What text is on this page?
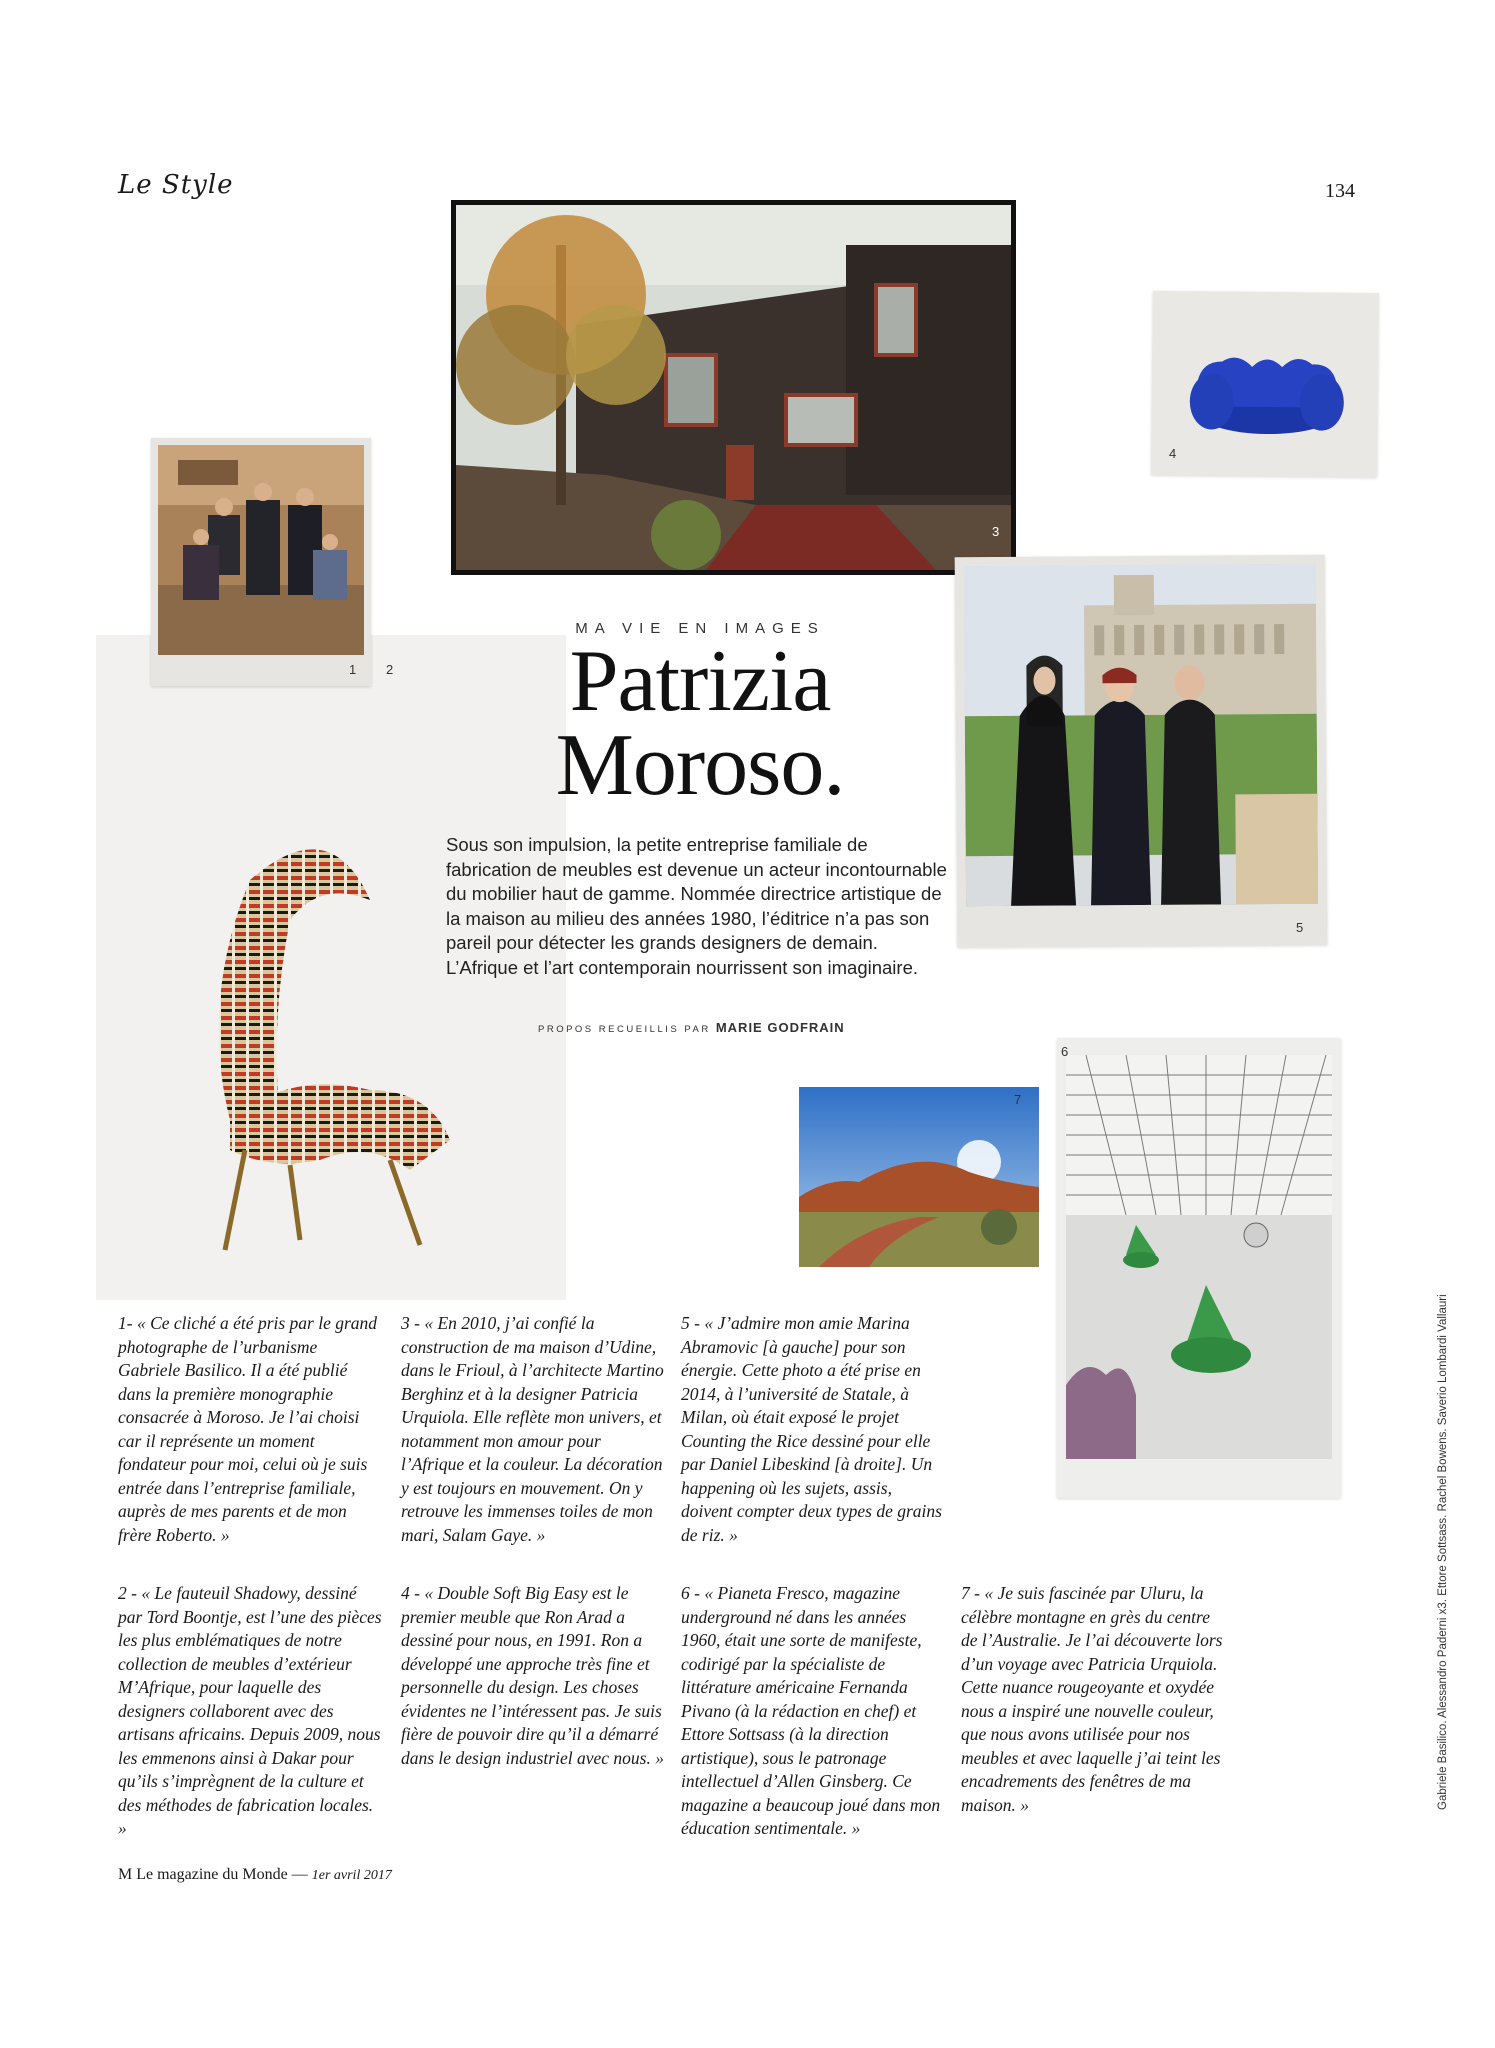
Le Style	134
1 2
3
4
5
MA VIE EN IMAGES
Patrizia
Moroso.
Sous son impulsion, la petite entreprise familiale de fabrication de meubles est devenue un acteur incontournable du mobilier haut de gamme. Nommée directrice artistique de la maison au milieu des années 1980, l’éditrice n’a pas son pareil pour détecter les grands designers de demain. L’Afrique et l’art contemporain nourrissent son imaginaire.
PROPOS RECUEILLIS PAR MARIE GODFRAIN
7
6
1- « Ce cliché a été pris par le grand photographe de l’urbanisme Gabriele Basilico. Il a été publié dans la première monographie consacrée à Moroso. Je l’ai choisi car il représente un moment fondateur pour moi, celui où je suis entrée dans l’entreprise familiale, auprès de mes parents et de mon frère Roberto. »
3 - « En 2010, j’ai confié la construction de ma maison d’Udine, dans le Frioul, à l’architecte Martino Berghinz et à la designer Patricia Urquiola. Elle reflète mon univers, et notamment mon amour pour l’Afrique et la couleur. La décoration y est toujours en mouvement. On y retrouve les immenses toiles de mon mari, Salam Gaye. »
5 - « J’admire mon amie Marina Abramovic [à gauche] pour son énergie. Cette photo a été prise en 2014, à l’université de Statale, à Milan, où était exposé le projet Counting the Rice dessiné pour elle par Daniel Libeskind [à droite]. Un happening où les sujets, assis, doivent compter deux types de grains de riz. »
2 - « Le fauteuil Shadowy, dessiné par Tord Boontje, est l’une des pièces les plus emblématiques de notre collection de meubles d’extérieur M’Afrique, pour laquelle des designers collaborent avec des artisans africains. Depuis 2009, nous les emmenons ainsi à Dakar pour qu’ils s’imprègnent de la culture et des méthodes de fabrication locales. »
4 - « Double Soft Big Easy est le premier meuble que Ron Arad a dessiné pour nous, en 1991. Ron a développé une approche très fine et personnelle du design. Les choses évidentes ne l’intéressent pas. Je suis fière de pouvoir dire qu’il a démarré dans le design industriel avec nous. »
6 - « Pianeta Fresco, magazine underground né dans les années 1960, était une sorte de manifeste, codirigé par la spécialiste de littérature américaine Fernanda Pivano (à la rédaction en chef) et Ettore Sottsass (à la direction artistique), sous le patronage intellectuel d’Allen Ginsberg. Ce magazine a beaucoup joué dans mon éducation sentimentale. »
7 - « Je suis fascinée par Uluru, la célèbre montagne en grès du centre de l’Australie. Je l’ai découverte lors d’un voyage avec Patricia Urquiola. Cette nuance rougeoyante et oxydée nous a inspiré une nouvelle couleur, que nous avons utilisée pour nos meubles et avec laquelle j’ai teint les encadrements des fenêtres de ma maison. »	Gabriele Basilico. Alessandro Paderni x3. Ettore Sottsass. Rachel Bowens. Saverio Lombardi Vallauri
M Le magazine du Monde — 1er avril 2017
